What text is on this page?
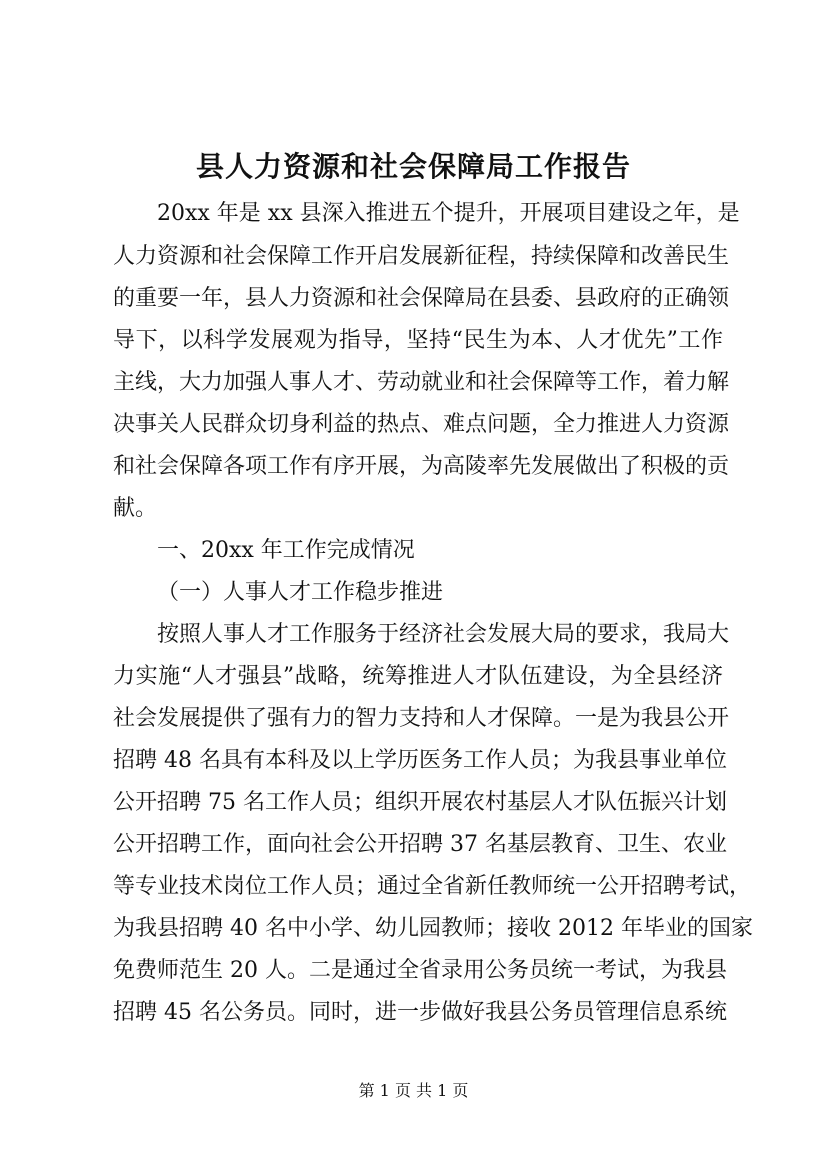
县人力资源和社会保障局工作报告
20xx 年是 xx 县深入推进五个提升，开展项目建设之年，是
人力资源和社会保障工作开启发展新征程，持续保障和改善民生
的重要一年，县人力资源和社会保障局在县委、县政府的正确领
导下，以科学发展观为指导，坚持“民生为本、人才优先”工作
主线，大力加强人事人才、劳动就业和社会保障等工作，着力解
决事关人民群众切身利益的热点、难点问题，全力推进人力资源
和社会保障各项工作有序开展，为高陵率先发展做出了积极的贡
献。
一、20xx 年工作完成情况
（一）人事人才工作稳步推进
按照人事人才工作服务于经济社会发展大局的要求，我局大
力实施“人才强县”战略，统筹推进人才队伍建设，为全县经济
社会发展提供了强有力的智力支持和人才保障。一是为我县公开
招聘 48 名具有本科及以上学历医务工作人员；为我县事业单位
公开招聘 75 名工作人员；组织开展农村基层人才队伍振兴计划
公开招聘工作，面向社会公开招聘 37 名基层教育、卫生、农业
等专业技术岗位工作人员；通过全省新任教师统一公开招聘考试，
为我县招聘 40 名中小学、幼儿园教师；接收 2012 年毕业的国家
免费师范生 20 人。二是通过全省录用公务员统一考试，为我县
招聘 45 名公务员。同时，进一步做好我县公务员管理信息系统
第 1 页 共 1 页
